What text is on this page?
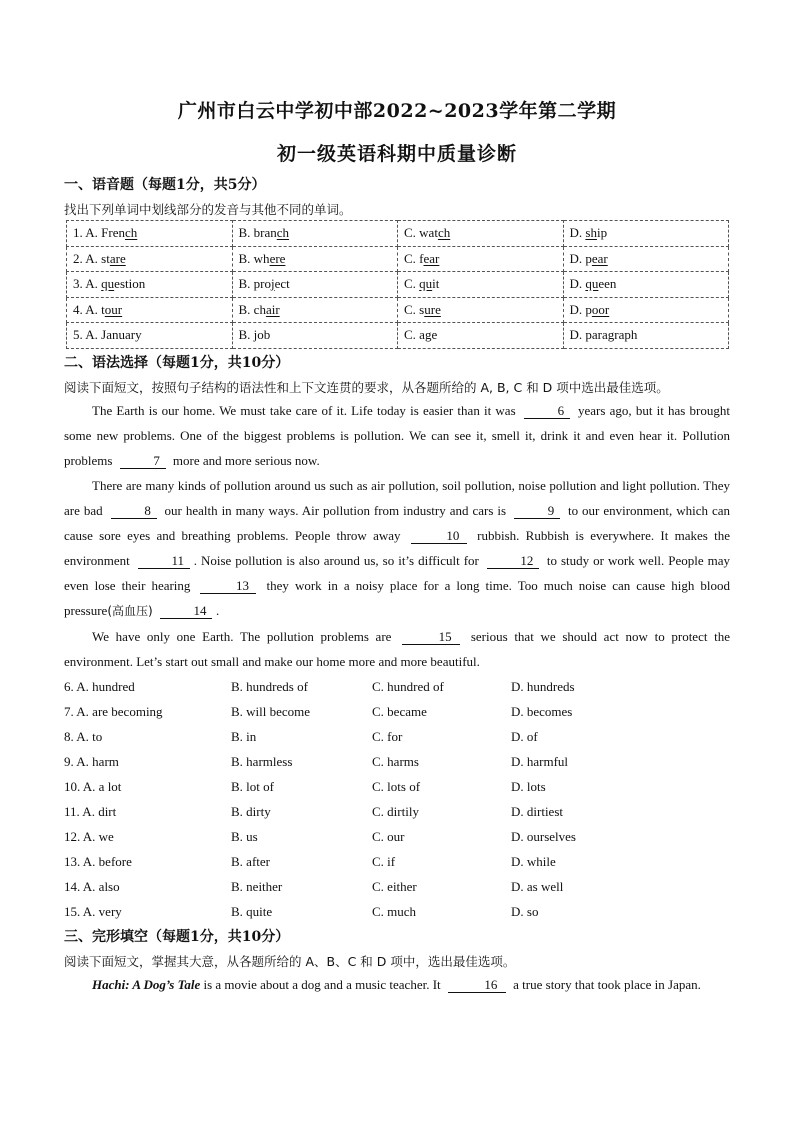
广州市白云中学初中部2022~2023学年第二学期
初一级英语科期中质量诊断
一、语音题（每题1分，共5分）
找出下列单词中划线部分的发音与其他不同的单词。
1. A. French	B. branch	C. watch	D. ship
2. A. stare	B. where	C. fear	D. pear
3. A. question	B. project	C. quit	D. queen
4. A. tour	B. chair	C. sure	D. poor
5. A. January	B. job	C. age	D. paragraph
二、语法选择（每题1分，共10分）
阅读下面短文，按照句子结构的语法性和上下文连贯的要求，从各题所给的 A, B, C 和 D 项中选出最佳选项。

The Earth is our home. We must take care of it. Life today is easier than it was	6 years ago, but it has brought some new problems. One of the biggest problems is pollution. We can see it, smell it, drink it and even hear it. Pollution problems	7 more and more serious now.

There are many kinds of pollution around us such as air pollution, soil pollution, noise pollution and light pollution. They are bad	8 our health in many ways. Air pollution from industry and cars is	9 to our environment, which can cause sore eyes and breathing problems. People throw away	10 rubbish. Rubbish is everywhere. It makes the environment	11 . Noise pollution is also around us, so it’s difficult for	12 to study or work well. People may even lose their hearing	13 they work in a noisy place for a long time. Too much noise can cause high blood pressure(高血压)	14 .

We have only one Earth. The pollution problems are	15 serious that we should act now to protect the environment. Let’s start out small and make our home more and more beautiful.

6. A. hundred	B. hundreds of	C. hundred of	D. hundreds
7. A. are becoming	B. will become	C. became	D. becomes
8. A. to	B. in	C. for	D. of
9. A. harm	B. harmless	C. harms	D. harmful
10. A. a lot	B. lot of	C. lots of	D. lots
11. A. dirt	B. dirty	C. dirtily	D. dirtiest
12. A. we	B. us	C. our	D. ourselves
13. A. before	B. after	C. if	D. while
14. A. also	B. neither	C. either	D. as well
15. A. very	B. quite	C. much	D. so
三、完形填空（每题1分，共10分）
阅读下面短文，掌握其大意，从各题所给的 A、B、C 和 D 项中，选出最佳选项。

Hachi: A Dog’s Tale is a movie about a dog and a music teacher. It	16 a true story that took place in Japan.
